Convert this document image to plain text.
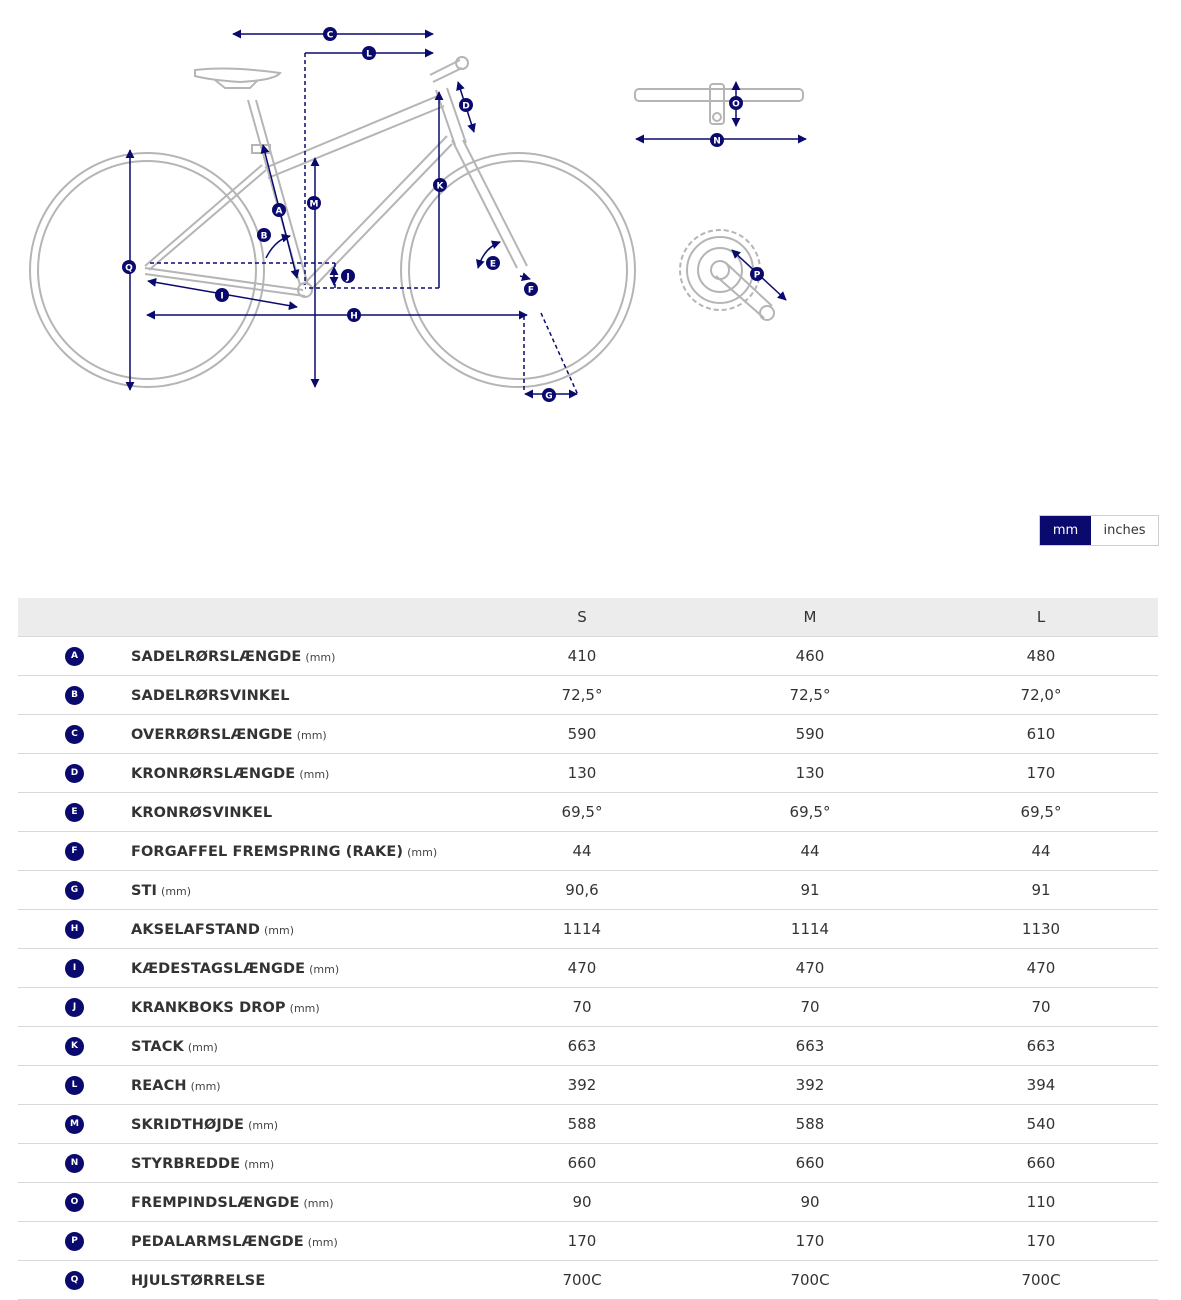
C
L
D
K
M
A
B
Q
J
I
H
E
F
G
O
N
P
mm	inches
		S	M	L
A	SADELRØRSLÆNGDE (mm)	410	460	480
B	SADELRØRSVINKEL	72,5°	72,5°	72,0°
C	OVERRØRSLÆNGDE (mm)	590	590	610
D	KRONRØRSLÆNGDE (mm)	130	130	170
E	KRONRØSVINKEL	69,5°	69,5°	69,5°
F	FORGAFFEL FREMSPRING (RAKE) (mm)	44	44	44
G	STI (mm)	90,6	91	91
H	AKSELAFSTAND (mm)	1114	1114	1130
I	KÆDESTAGSLÆNGDE (mm)	470	470	470
J	KRANKBOKS DROP (mm)	70	70	70
K	STACK (mm)	663	663	663
L	REACH (mm)	392	392	394
M	SKRIDTHØJDE (mm)	588	588	540
N	STYRBREDDE (mm)	660	660	660
O	FREMPINDSLÆNGDE (mm)	90	90	110
P	PEDALARMSLÆNGDE (mm)	170	170	170
Q	HJULSTØRRELSE	700C	700C	700C
